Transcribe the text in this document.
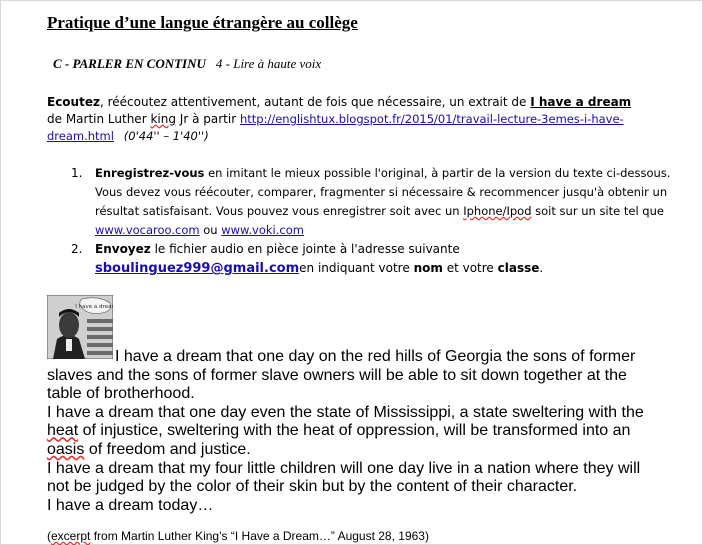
Pratique d’une langue étrangère au collège
C - PARLER EN CONTINU 4 - Lire à haute voix
Ecoutez, réécoutez attentivement, autant de fois que nécessaire, un extrait de I have a dream
de Martin Luther king Jr à partir http://englishtux.blogspot.fr/2015/01/travail-lecture-3emes-i-have-dream.html (0'44'' – 1'40'')
1.	Enregistrez-vous en imitant le mieux possible l'original, à partir de la version du texte ci-dessous. Vous devez vous réécouter, comparer, fragmenter si nécessaire & recommencer jusqu'à obtenir un résultat satisfaisant. Vous pouvez vous enregistrer soit avec un Iphone/Ipod soit sur un site tel que www.vocaroo.com ou www.voki.com
2.	Envoyez le fichier audio en pièce jointe à l'adresse suivante sboulinguez999@gmail.comen indiquant votre nom et votre classe.
I have a dream

I have a dream that one day on the red hills of Georgia the sons of former slaves and the sons of former slave owners will be able to sit down together at the table of brotherhood.

I have a dream that one day even the state of Mississippi, a state sweltering with the heat of injustice, sweltering with the heat of oppression, will be transformed into an oasis of freedom and justice.

I have a dream that my four little children will one day live in a nation where they will not be judged by the color of their skin but by the content of their character.

I have a dream today…

(excerpt from Martin Luther King’s “I Have a Dream…” August 28, 1963)
